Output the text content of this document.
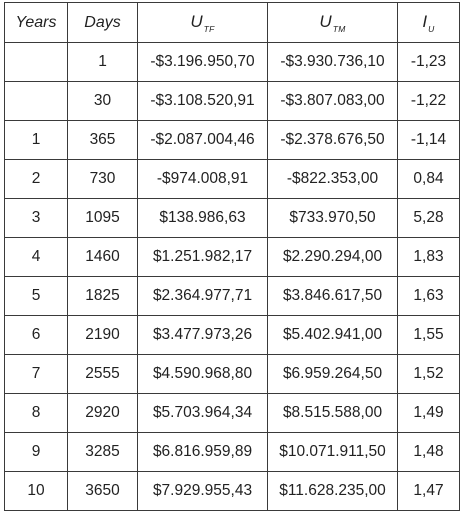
Years	Days	$U_{TF}$	$U_{TM}$	$I_U$
	1	-$3.196.950,70	-$3.930.736,10	-1,23
	30	-$3.108.520,91	-$3.807.083,00	-1,22
1	365	-$2.087.004,46	-$2.378.676,50	-1,14
2	730	-$974.008,91	-$822.353,00	0,84
3	1095	$138.986,63	$733.970,50	5,28
4	1460	$1.251.982,17	$2.290.294,00	1,83
5	1825	$2.364.977,71	$3.846.617,50	1,63
6	2190	$3.477.973,26	$5.402.941,00	1,55
7	2555	$4.590.968,80	$6.959.264,50	1,52
8	2920	$5.703.964,34	$8.515.588,00	1,49
9	3285	$6.816.959,89	$10.071.911,50	1,48
10	3650	$7.929.955,43	$11.628.235,00	1,47
